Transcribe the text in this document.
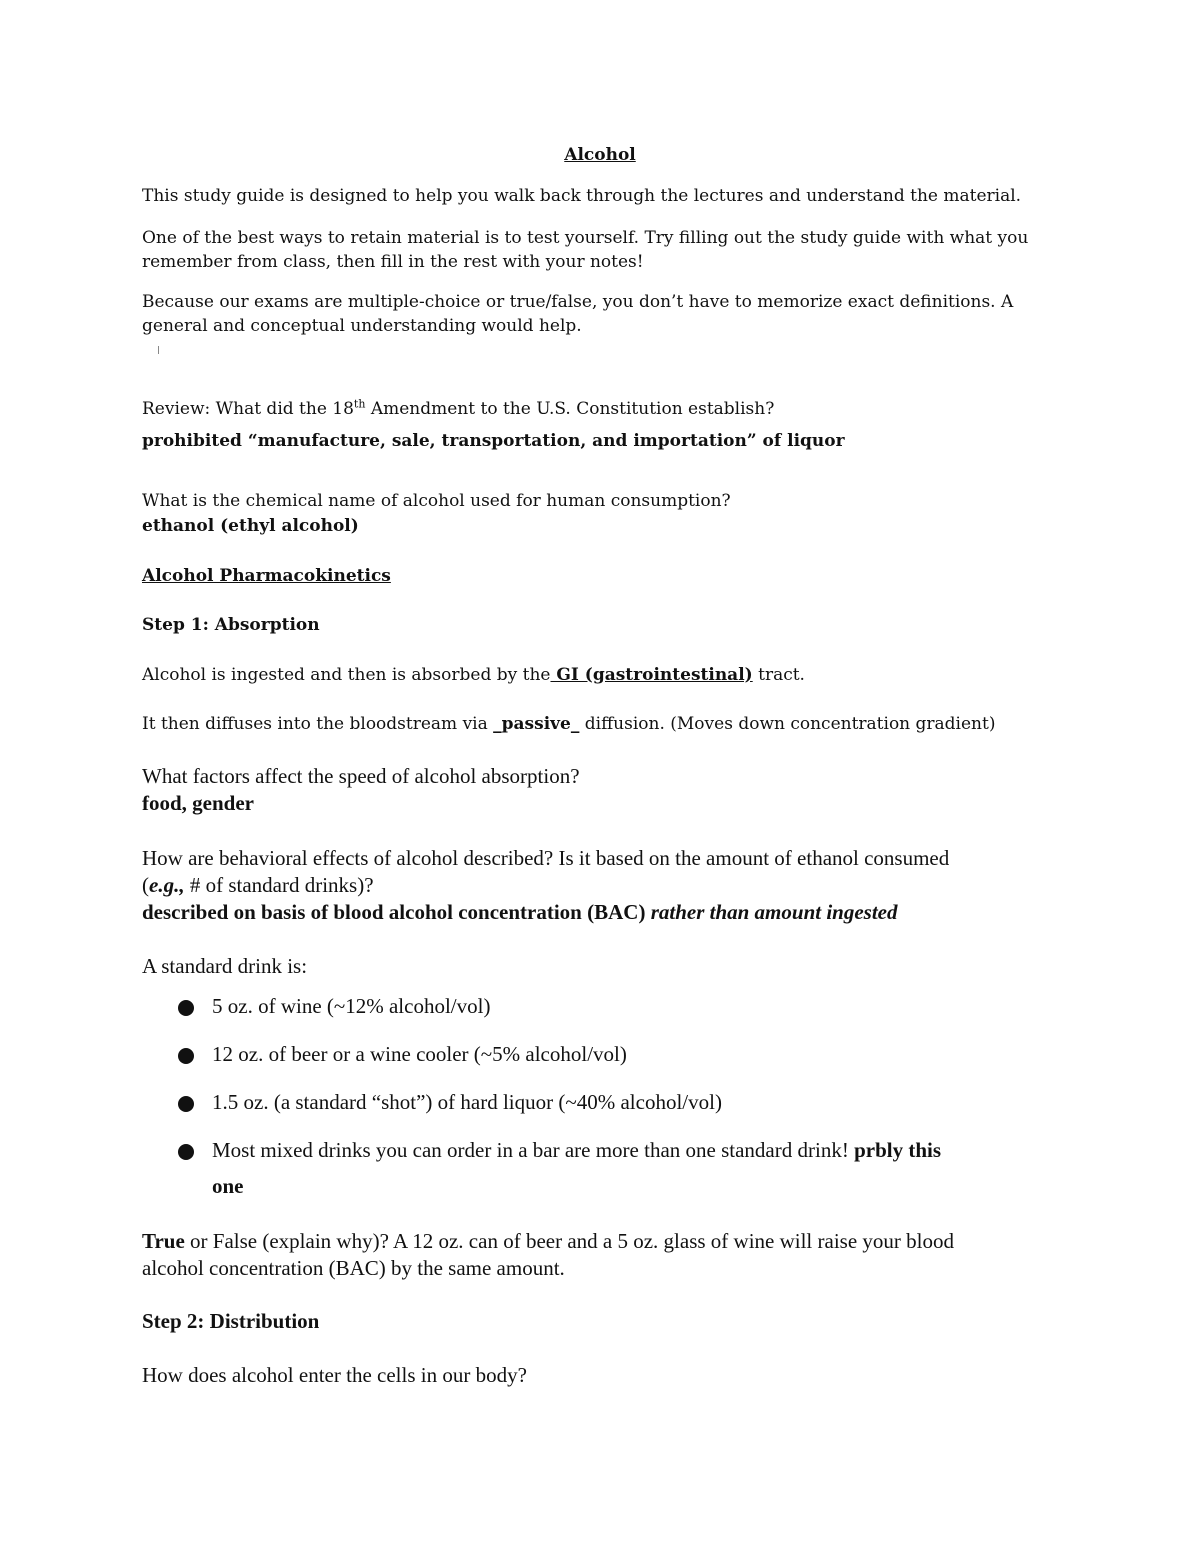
Alcohol

This study guide is designed to help you walk back through the lectures and understand the material.

One of the best ways to retain material is to test yourself. Try filling out the study guide with what you

remember from class, then fill in the rest with your notes!

Because our exams are multiple-choice or true/false, you don’t have to memorize exact definitions. A

general and conceptual understanding would help.

Review: What did the 18th Amendment to the U.S. Constitution establish?

prohibited “manufacture, sale, transportation, and importation” of liquor

What is the chemical name of alcohol used for human consumption?

ethanol (ethyl alcohol)

Alcohol Pharmacokinetics

Step 1: Absorption

Alcohol is ingested and then is absorbed by the GI (gastrointestinal) tract.

It then diffuses into the bloodstream via _passive_ diffusion. (Moves down concentration gradient)

What factors affect the speed of alcohol absorption?

food, gender

How are behavioral effects of alcohol described? Is it based on the amount of ethanol consumed

(e.g., # of standard drinks)?

described on basis of blood alcohol concentration (BAC) rather than amount ingested

A standard drink is:

5 oz. of wine (~12% alcohol/vol)
12 oz. of beer or a wine cooler (~5% alcohol/vol)
1.5 oz. (a standard “shot”) of hard liquor (~40% alcohol/vol)
Most mixed drinks you can order in a bar are more than one standard drink! prbly this

one

True or False (explain why)? A 12 oz. can of beer and a 5 oz. glass of wine will raise your blood

alcohol concentration (BAC) by the same amount.

Step 2: Distribution

How does alcohol enter the cells in our body?
